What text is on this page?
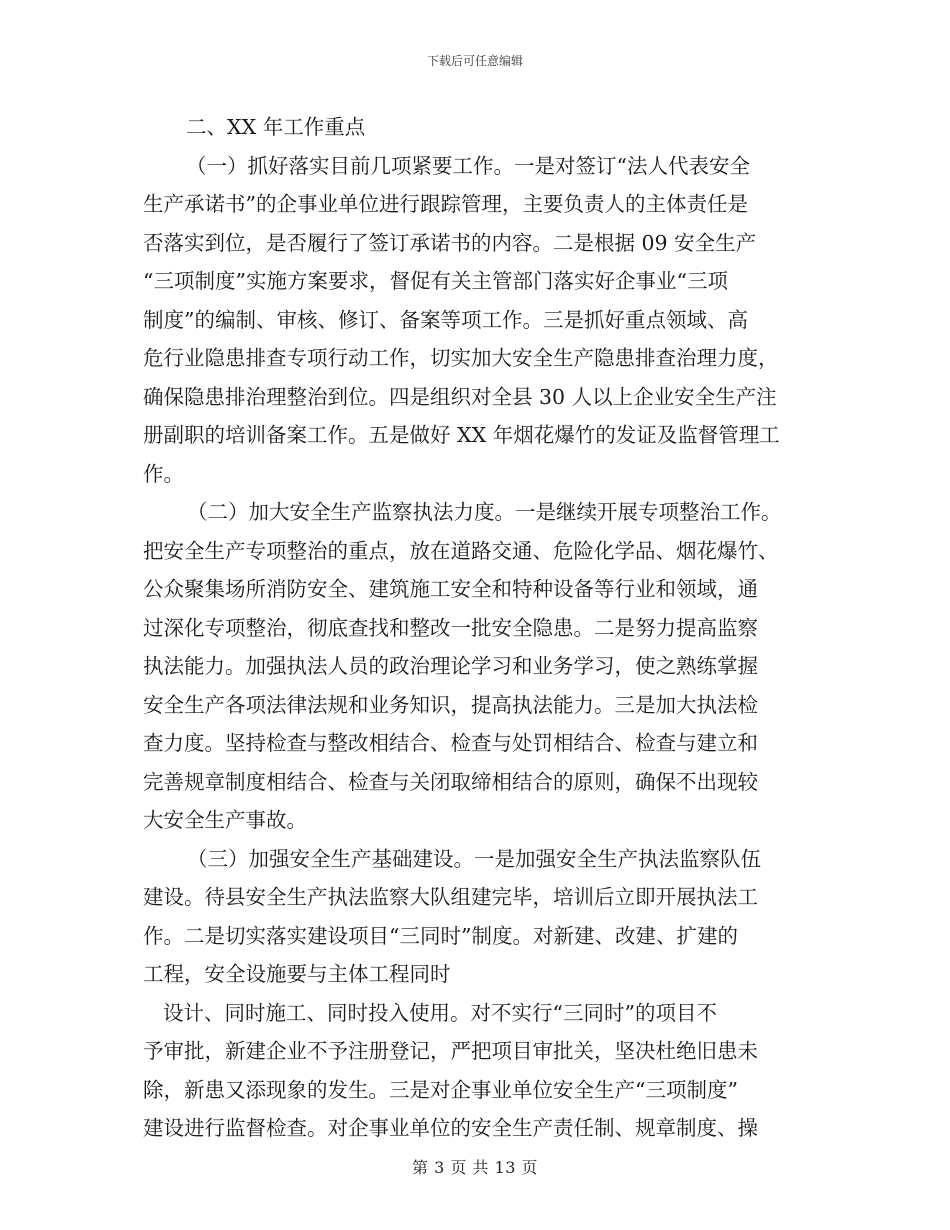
下载后可任意编辑
二、XX 年工作重点
（一）抓好落实目前几项紧要工作。一是对签订“法人代表安全
生产承诺书”的企事业单位进行跟踪管理，主要负责人的主体责任是
否落实到位，是否履行了签订承诺书的内容。二是根据 09 安全生产
“三项制度”实施方案要求，督促有关主管部门落实好企事业“三项
制度”的编制、审核、修订、备案等项工作。三是抓好重点领域、高
危行业隐患排查专项行动工作，切实加大安全生产隐患排查治理力度，
确保隐患排治理整治到位。四是组织对全县 30 人以上企业安全生产注
册副职的培训备案工作。五是做好 XX 年烟花爆竹的发证及监督管理工
作。
（二）加大安全生产监察执法力度。一是继续开展专项整治工作。
把安全生产专项整治的重点，放在道路交通、危险化学品、烟花爆竹、
公众聚集场所消防安全、建筑施工安全和特种设备等行业和领域，通
过深化专项整治，彻底查找和整改一批安全隐患。二是努力提高监察
执法能力。加强执法人员的政治理论学习和业务学习，使之熟练掌握
安全生产各项法律法规和业务知识，提高执法能力。三是加大执法检
查力度。坚持检查与整改相结合、检查与处罚相结合、检查与建立和
完善规章制度相结合、检查与关闭取缔相结合的原则，确保不出现较
大安全生产事故。
（三）加强安全生产基础建设。一是加强安全生产执法监察队伍
建设。待县安全生产执法监察大队组建完毕，培训后立即开展执法工
作。二是切实落实建设项目“三同时”制度。对新建、改建、扩建的
工程，安全设施要与主体工程同时
设计、同时施工、同时投入使用。对不实行“三同时”的项目不
予审批，新建企业不予注册登记，严把项目审批关，坚决杜绝旧患未
除，新患又添现象的发生。三是对企事业单位安全生产“三项制度”
建设进行监督检查。对企事业单位的安全生产责任制、规章制度、操
第 3 页 共 13 页
